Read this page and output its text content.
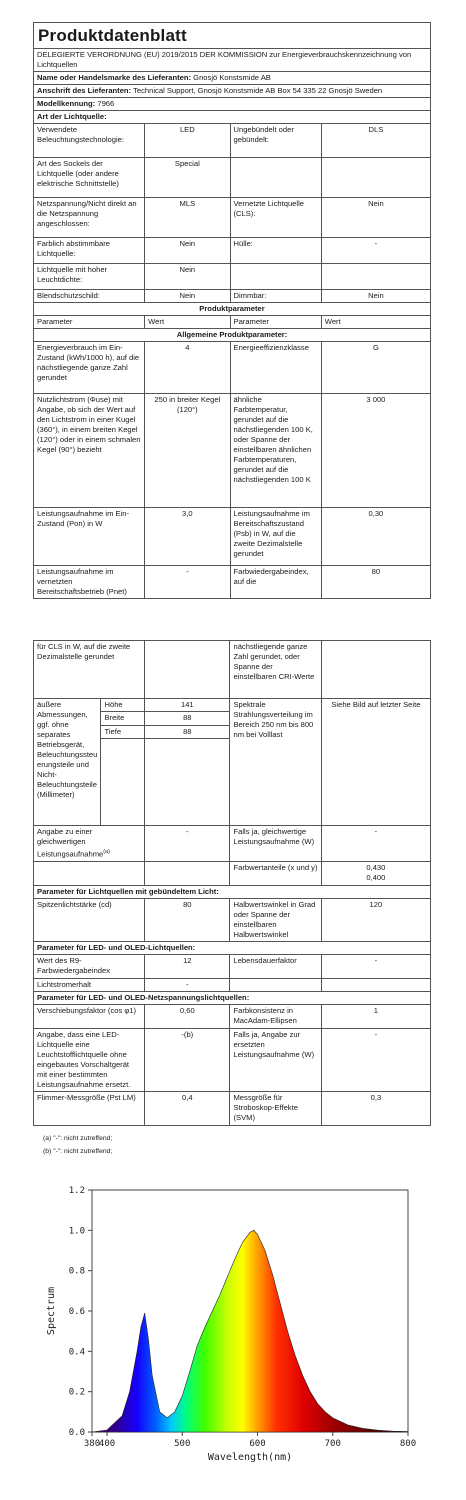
Produktdatenblatt
DELEGIERTE VERORDNUNG (EU) 2019/2015 DER KOMMISSION zur Energieverbrauchskennzeichnung von Lichtquellen			
Name oder Handelsmarke des Lieferanten: Gnosjö Konstsmide AB			
Anschrift des Lieferanten: Technical Support, Gnosjö Konstsmide AB Box 54 335 22 Gnosjö Sweden			
Modellkennung: 7966			
Art der Lichtquelle:			
Verwendete Beleuchtungstechnologie:	LED	Ungebündelt oder gebündelt:	DLS
Art des Sockels der Lichtquelle (oder andere elektrische Schnittstelle)	Special		
Netzspannung/Nicht direkt an die Netzspannung angeschlossen:	MLS	Vernetzte Lichtquelle (CLS):	Nein
Farblich abstimmbare Lichtquelle:	Nein	Hülle:	-
Lichtquelle mit hoher Leuchtdichte:	Nein		
Blendschutzschild:	Nein	Dimmbar:	Nein
Produktparameter			
Parameter	Wert	Parameter	Wert
Allgemeine Produktparameter:			
Energieverbrauch im Ein-Zustand (kWh/1000 h), auf die nächstliegende ganze Zahl gerundet	4	Energieeffizienzklasse	G
Nutzlichtstrom (Φuse) mit Angabe, ob sich der Wert auf den Lichtstrom in einer Kugel (360°), in einem breiten Kegel (120°) oder in einem schmalen Kegel (90°) bezieht	250 in breiter Kegel (120°)	ähnliche Farbtemperatur, gerundet auf die nächstliegenden 100 K, oder Spanne der einstellbaren ähnlichen Farbtemperaturen, gerundet auf die nächstliegenden 100 K	3 000
Leistungsaufnahme im Ein-Zustand (Pon) in W	3,0	Leistungsaufnahme im Bereitschaftszustand (Psb) in W, auf die zweite Dezimalstelle gerundet	0,30
Leistungsaufnahme im vernetzten Bereitschaftsbetrieb (Pnet)	-	Farbwiedergabeindex, auf die	80
für CLS in W, auf die zweite Dezimalstelle gerundet			nächstliegende ganze Zahl gerundet, oder Spanne der einstellbaren CRI-Werte	
äußere Abmessungen, ggf. ohne separates Betriebsgerät, Beleuchtungssteuerungsteile und Nicht-Beleuchtungsteile (Millimeter)	Höhe	141	Spektrale Strahlungsverteilung im Bereich 250 nm bis 800 nm bei Volllast	Siehe Bild auf letzter Seite
	Breite	88		
	Tiefe	88		

Angabe zu einer gleichwertigen Leistungsaufnahme$^{(a)}$		-	Falls ja, gleichwertige Leistungsaufnahme (W)	-
			Farbwertanteile (x und y)	0,430
0,400

Parameter für Lichtquellen mit gebündeltem Licht:				
Spitzenlichtstärke (cd)		80	Halbwertswinkel in Grad oder Spanne der einstellbaren Halbwertswinkel	120
Parameter für LED- und OLED-Lichtquellen:				
Wert des R9-Farbwiedergabeindex		12	Lebensdauerfaktor	-
Lichtstromerhalt		-		
Parameter für LED- und OLED-Netzspannungslichtquellen:				
Verschiebungsfaktor (cos φ1)		0,60	Farbkonsistenz in MacAdam-Ellipsen	1
Angabe, dass eine LED-Lichtquelle eine Leuchtstofflichtquelle ohne eingebautes Vorschaltgerät mit einer bestimmten Leistungsaufnahme ersetzt.		-(b)	Falls ja, Angabe zur ersetzten Leistungsaufnahme (W)	-
Flimmer-Messgröße (Pst LM)		0,4	Messgröße für Stroboskop-Effekte (SVM)	0,3
(a) "-": nicht zutreffend;
(b) "-": nicht zutreffend;
380
400	500	600	700	800
0.0
0.2
0.4
0.6
0.8
1.0
1.2
Wavelength(nm)
Spectrum
